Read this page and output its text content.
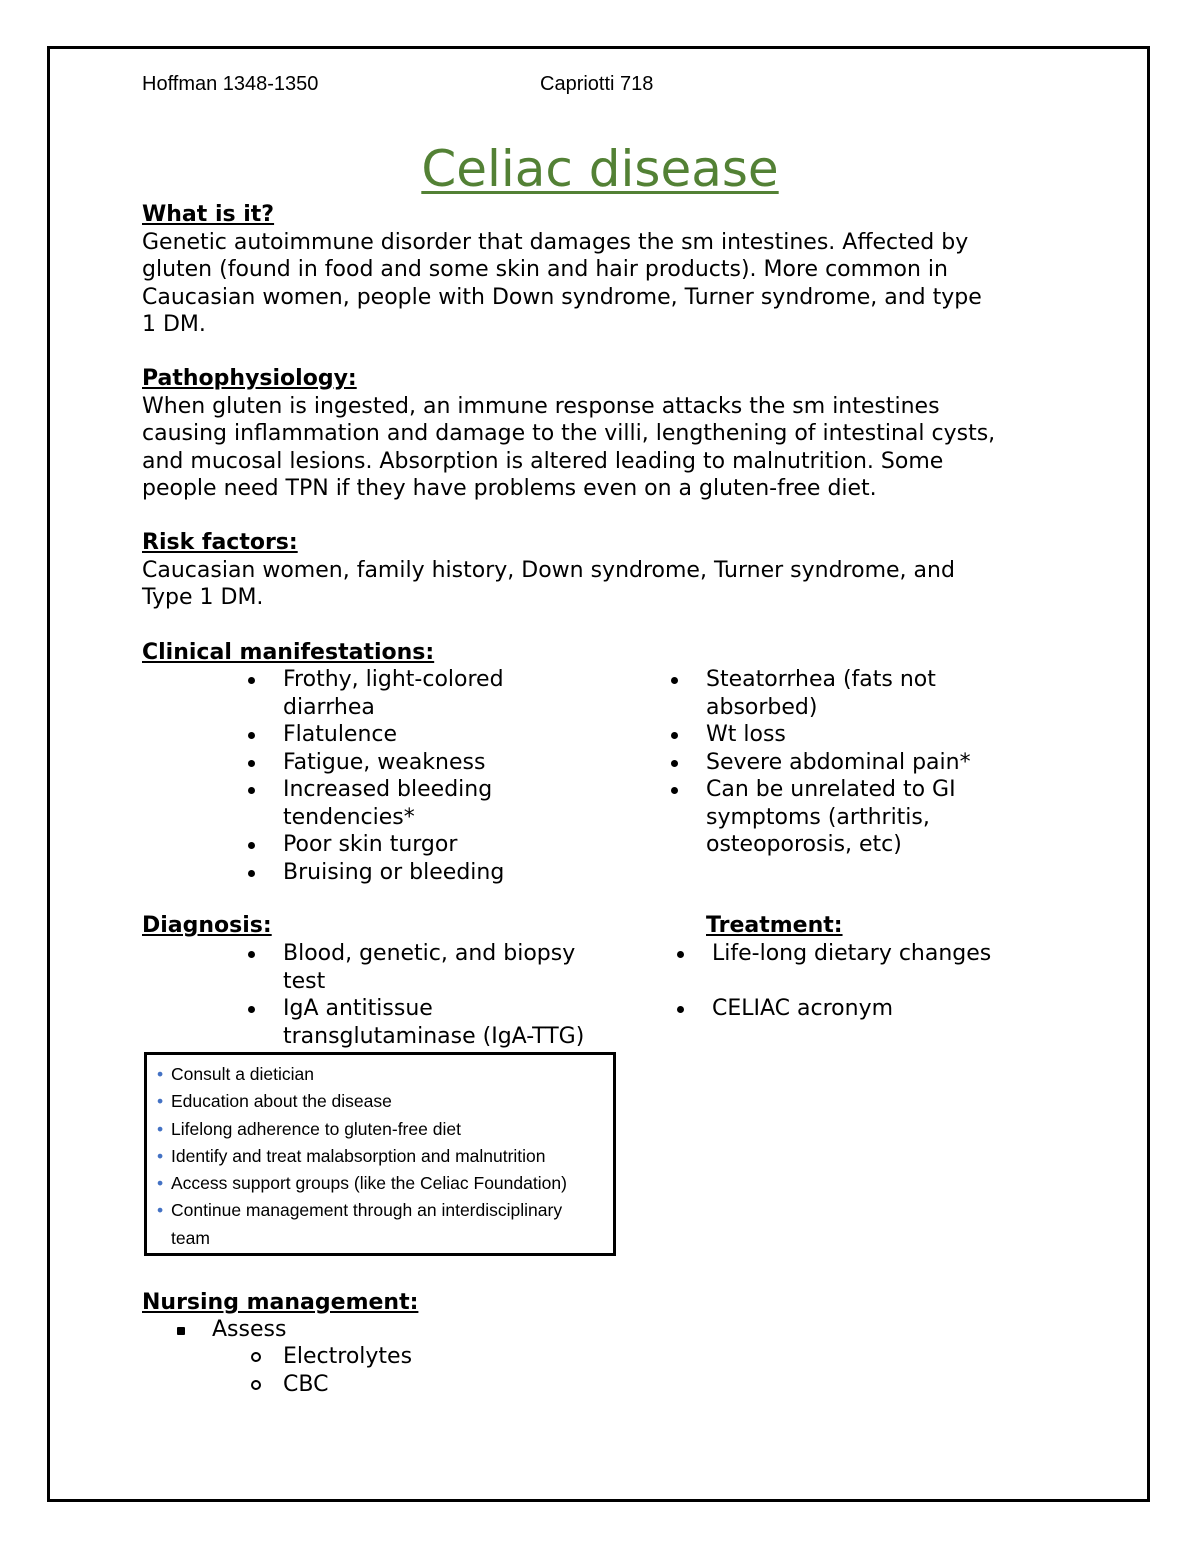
Hoffman 1348-1350	Capriotti 718
Celiac disease
What is it?
Genetic autoimmune disorder that damages the sm intestines. Affected by
gluten (found in food and some skin and hair products). More common in
Caucasian women, people with Down syndrome, Turner syndrome, and type
1 DM.
Pathophysiology:
When gluten is ingested, an immune response attacks the sm intestines
causing inflammation and damage to the villi, lengthening of intestinal cysts,
and mucosal lesions. Absorption is altered leading to malnutrition. Some
people need TPN if they have problems even on a gluten-free diet.
Risk factors:
Caucasian women, family history, Down syndrome, Turner syndrome, and
Type 1 DM.
Clinical manifestations:
Frothy, light-colored diarrhea
Flatulence
Fatigue, weakness
Increased bleeding tendencies*
Poor skin turgor
Bruising or bleeding
Steatorrhea (fats not absorbed)
Wt loss
Severe abdominal pain*
Can be unrelated to GI symptoms (arthritis, osteoporosis, etc)
Diagnosis:
Blood, genetic, and biopsy test
IgA antitissue transglutaminase (IgA-TTG)
Treatment:
Life-long dietary changes
CELIAC acronym
• Consult a dietician
• Education about the disease
• Lifelong adherence to gluten-free diet
• Identify and treat malabsorption and malnutrition
• Access support groups (like the Celiac Foundation)
• Continue management through an interdisciplinary team
Nursing management:
Assess
Electrolytes
CBC
